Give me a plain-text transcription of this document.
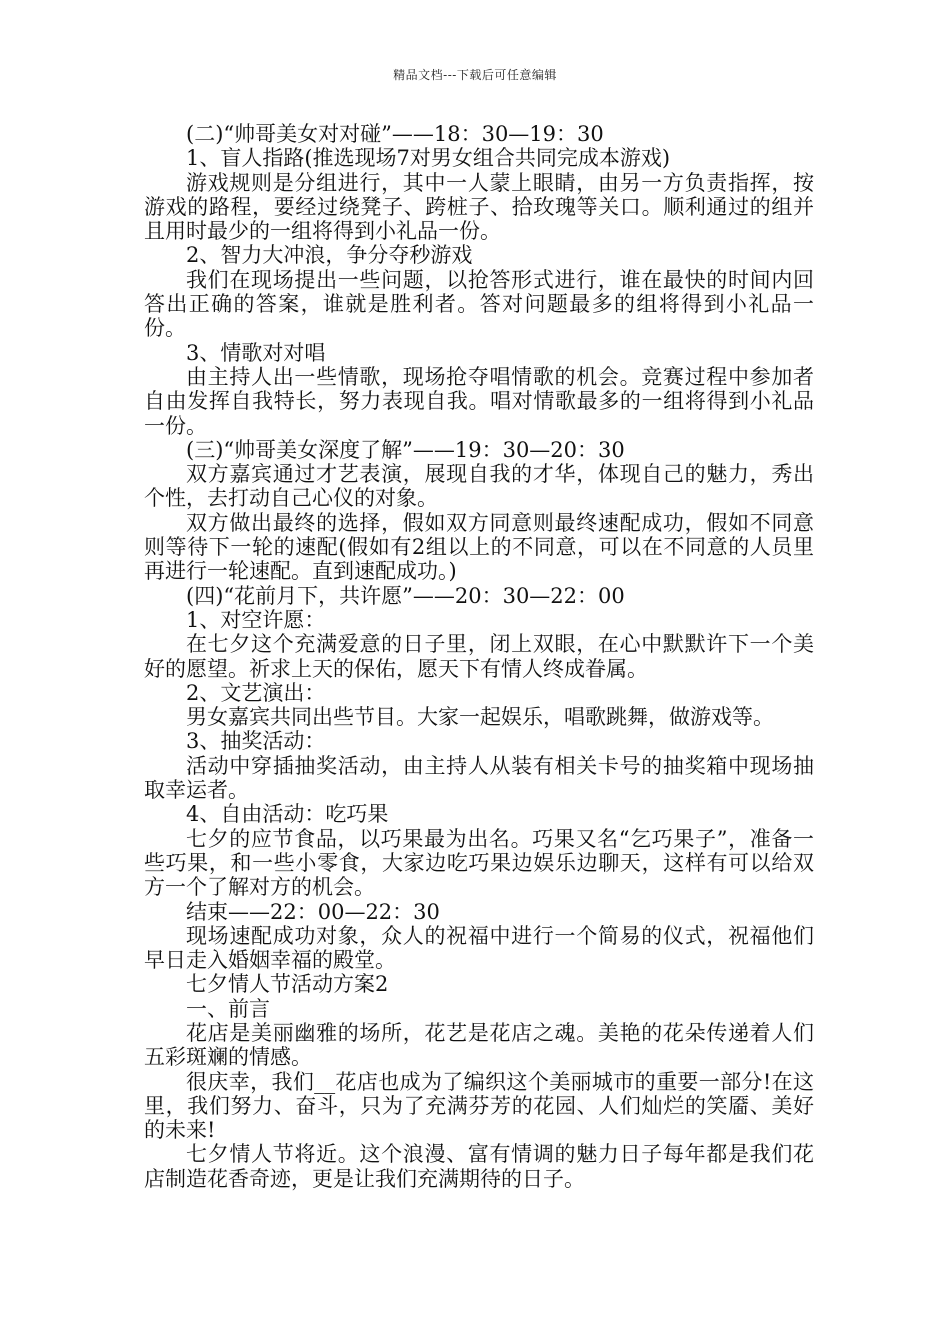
精品文档---下载后可任意编辑

(二)“帅哥美女对对碰”——18：30—19：30

1、盲人指路(推选现场7对男女组合共同完成本游戏)

游戏规则是分组进行，其中一人蒙上眼睛，由另一方负责指挥，按游戏的路程，要经过绕凳子、跨桩子、拾玫瑰等关口。顺利通过的组并且用时最少的一组将得到小礼品一份。

2、智力大冲浪，争分夺秒游戏

我们在现场提出一些问题，以抢答形式进行，谁在最快的时间内回答出正确的答案，谁就是胜利者。答对问题最多的组将得到小礼品一份。

3、情歌对对唱

由主持人出一些情歌，现场抢夺唱情歌的机会。竞赛过程中参加者自由发挥自我特长，努力表现自我。唱对情歌最多的一组将得到小礼品一份。

(三)“帅哥美女深度了解”——19：30—20：30

双方嘉宾通过才艺表演，展现自我的才华，体现自己的魅力，秀出个性，去打动自己心仪的对象。

双方做出最终的选择，假如双方同意则最终速配成功，假如不同意则等待下一轮的速配(假如有2组以上的不同意，可以在不同意的人员里再进行一轮速配。直到速配成功。)

(四)“花前月下，共许愿”——20：30—22：00

1、对空许愿：

在七夕这个充满爱意的日子里，闭上双眼，在心中默默许下一个美好的愿望。祈求上天的保佑，愿天下有情人终成眷属。

2、文艺演出：

男女嘉宾共同出些节目。大家一起娱乐，唱歌跳舞，做游戏等。

3、抽奖活动：

活动中穿插抽奖活动，由主持人从装有相关卡号的抽奖箱中现场抽取幸运者。

4、自由活动：吃巧果

七夕的应节食品，以巧果最为出名。巧果又名“乞巧果子”，准备一些巧果，和一些小零食，大家边吃巧果边娱乐边聊天，这样有可以给双方一个了解对方的机会。

结束——22：00—22：30

现场速配成功对象，众人的祝福中进行一个简易的仪式，祝福他们早日走入婚姻幸福的殿堂。

七夕情人节活动方案2

一、前言

花店是美丽幽雅的场所，花艺是花店之魂。美艳的花朵传递着人们五彩斑斓的情感。

很庆幸，我们__花店也成为了编织这个美丽城市的重要一部分!在这里，我们努力、奋斗，只为了充满芬芳的花园、人们灿烂的笑靥、美好的未来!

七夕情人节将近。这个浪漫、富有情调的魅力日子每年都是我们花店制造花香奇迹，更是让我们充满期待的日子。
